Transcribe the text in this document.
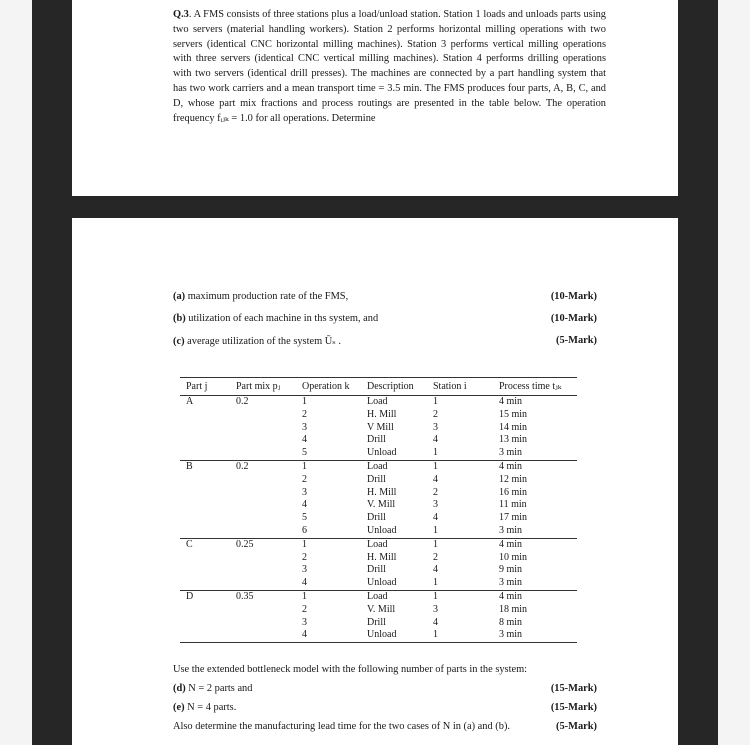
Q.3. A FMS consists of three stations plus a load/unload station. Station 1 loads and unloads parts using two servers (material handling workers). Station 2 performs horizontal milling operations with two servers (identical CNC horizontal milling machines). Station 3 performs vertical milling operations with three servers (identical CNC vertical milling machines). Station 4 performs drilling operations with two servers (identical drill presses). The machines are connected by a part handling system that has two work carriers and a mean transport time = 3.5 min. The FMS produces four parts, A, B, C, and D, whose part mix fractions and process routings are presented in the table below. The operation frequency fᵢⱼₖ = 1.0 for all operations. Determine
(a) maximum production rate of the FMS,	(10-Mark)
(b) utilization of each machine in ths system, and	(10-Mark)
(c) average utilization of the system Ūₛ .	(5-Mark)
Part j	Part mix pⱼ	Operation k	Description	Station i	Process time tⱼₖ
A	0.2	1	Load	1	4 min
		2	H. Mill	2	15 min
		3	V Mill	3	14 min
		4	Drill	4	13 min
		5	Unload	1	3 min
B	0.2	1	Load	1	4 min
		2	Drill	4	12 min
		3	H. Mill	2	16 min
		4	V. Mill	3	11 min
		5	Drill	4	17 min
		6	Unload	1	3 min
C	0.25	1	Load	1	4 min
		2	H. Mill	2	10 min
		3	Drill	4	9 min
		4	Unload	1	3 min
D	0.35	1	Load	1	4 min
		2	V. Mill	3	18 min
		3	Drill	4	8 min
		4	Unload	1	3 min
Use the extended bottleneck model with the following number of parts in the system:
(d) N = 2 parts and	(15-Mark)
(e) N = 4 parts.	(15-Mark)
Also determine the manufacturing lead time for the two cases of N in (a) and (b).	(5-Mark)
